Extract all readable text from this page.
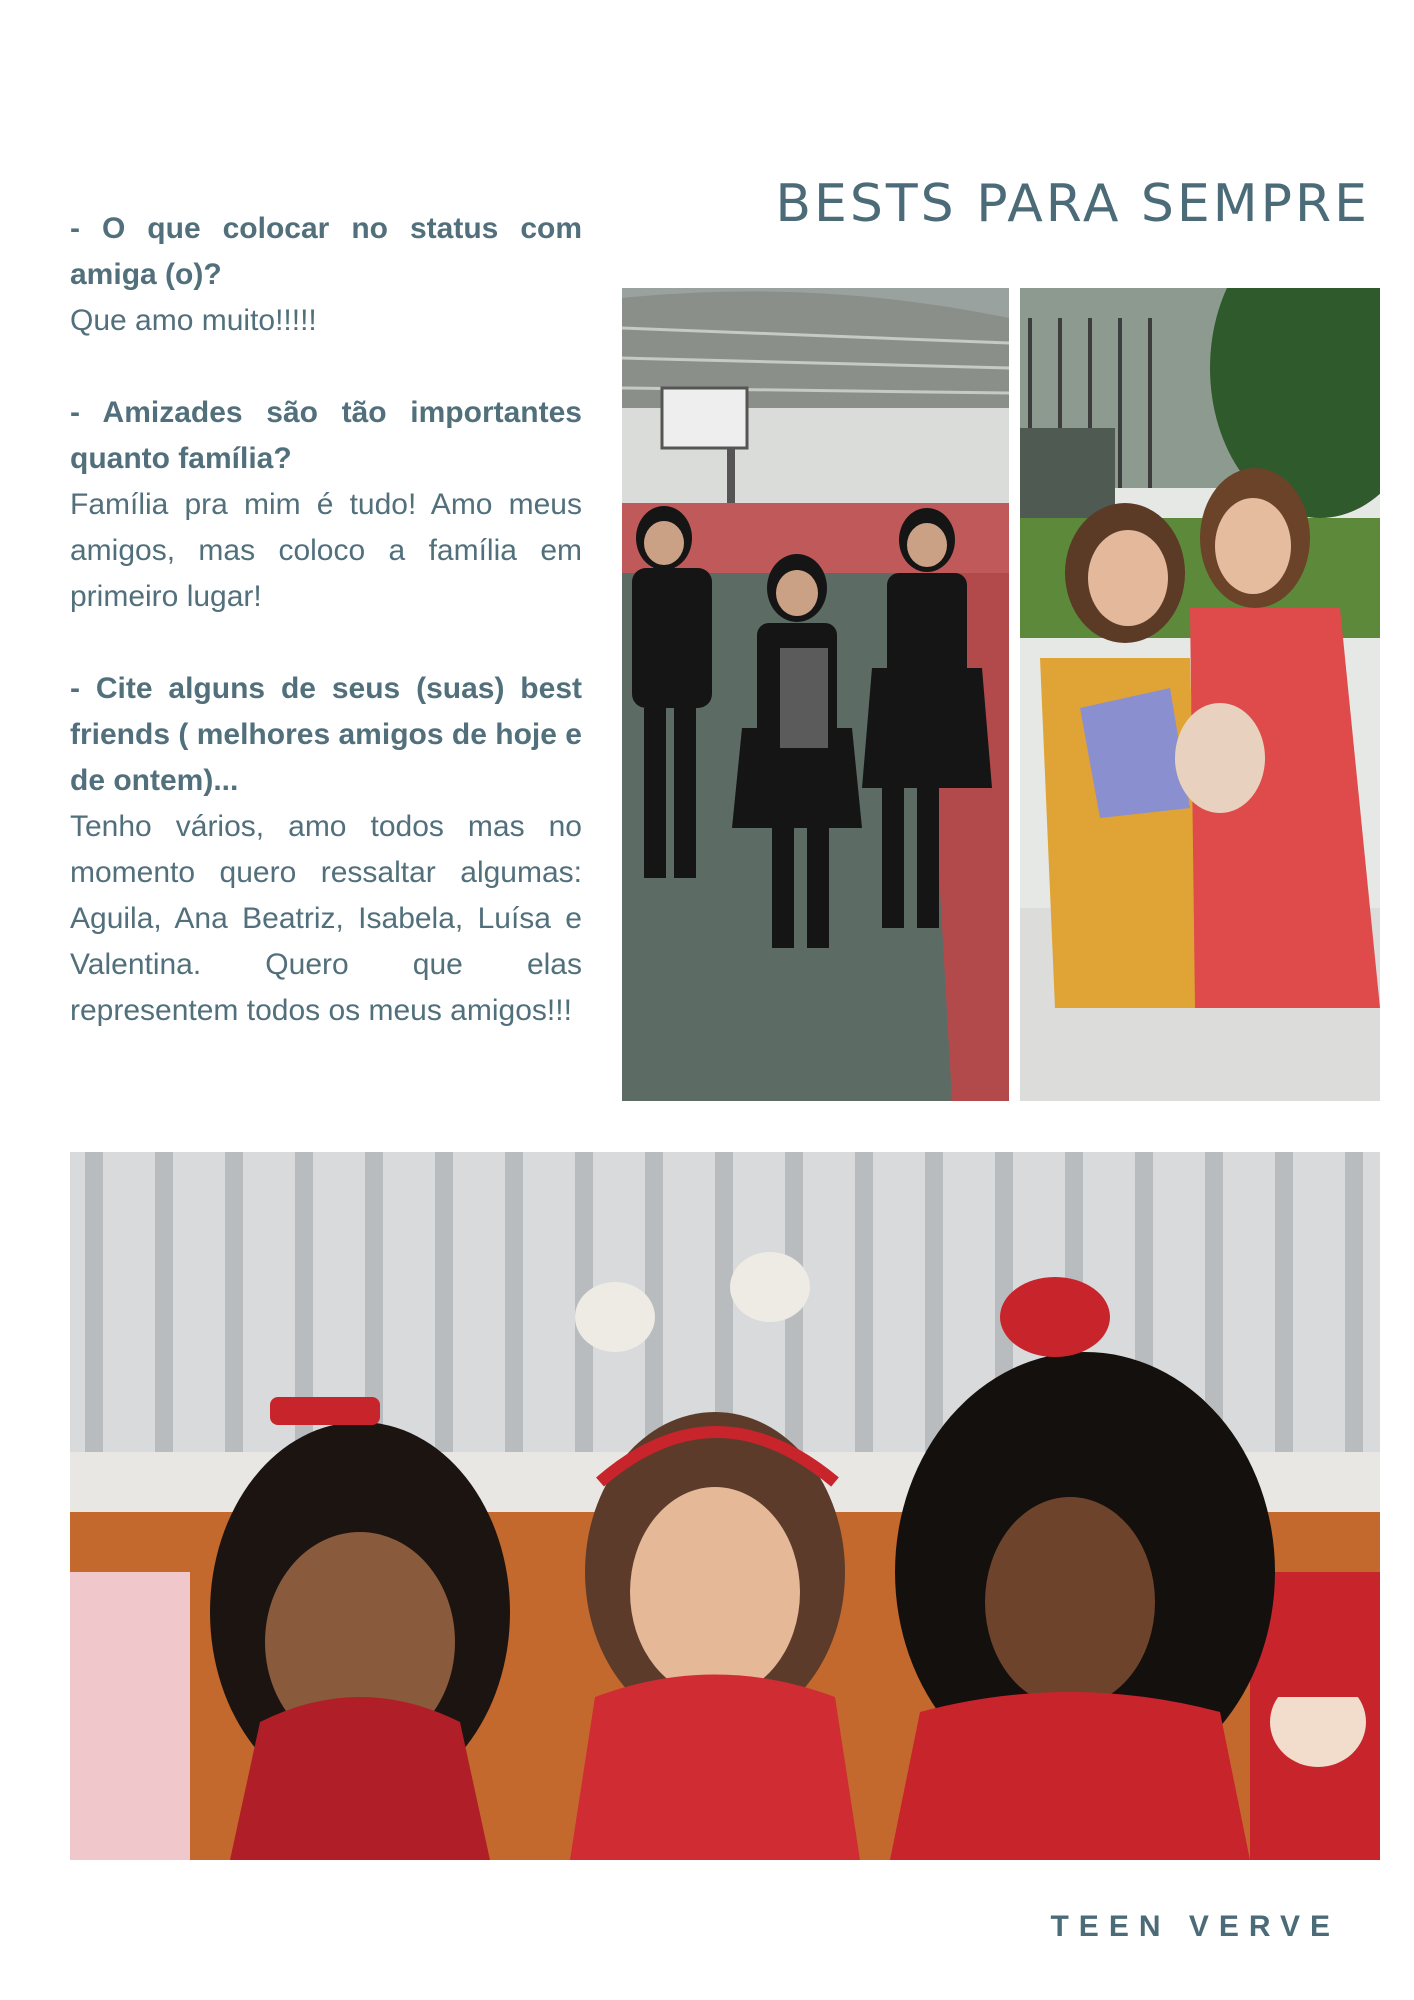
BESTS PARA SEMPRE

- O que colocar no status com amiga (o)?

Que amo muito!!!!!

- Amizades são tão importantes quanto família?

Família pra mim é tudo! Amo meus amigos, mas coloco a família em primeiro lugar!

- Cite alguns de seus (suas) best friends ( melhores amigos de hoje e de ontem)...

Tenho vários, amo todos mas no momento quero ressaltar algumas: Aguila, Ana Beatriz, Isabela, Luísa e Valentina. Quero que elas representem todos os meus amigos!!!

TEEN VERVE
